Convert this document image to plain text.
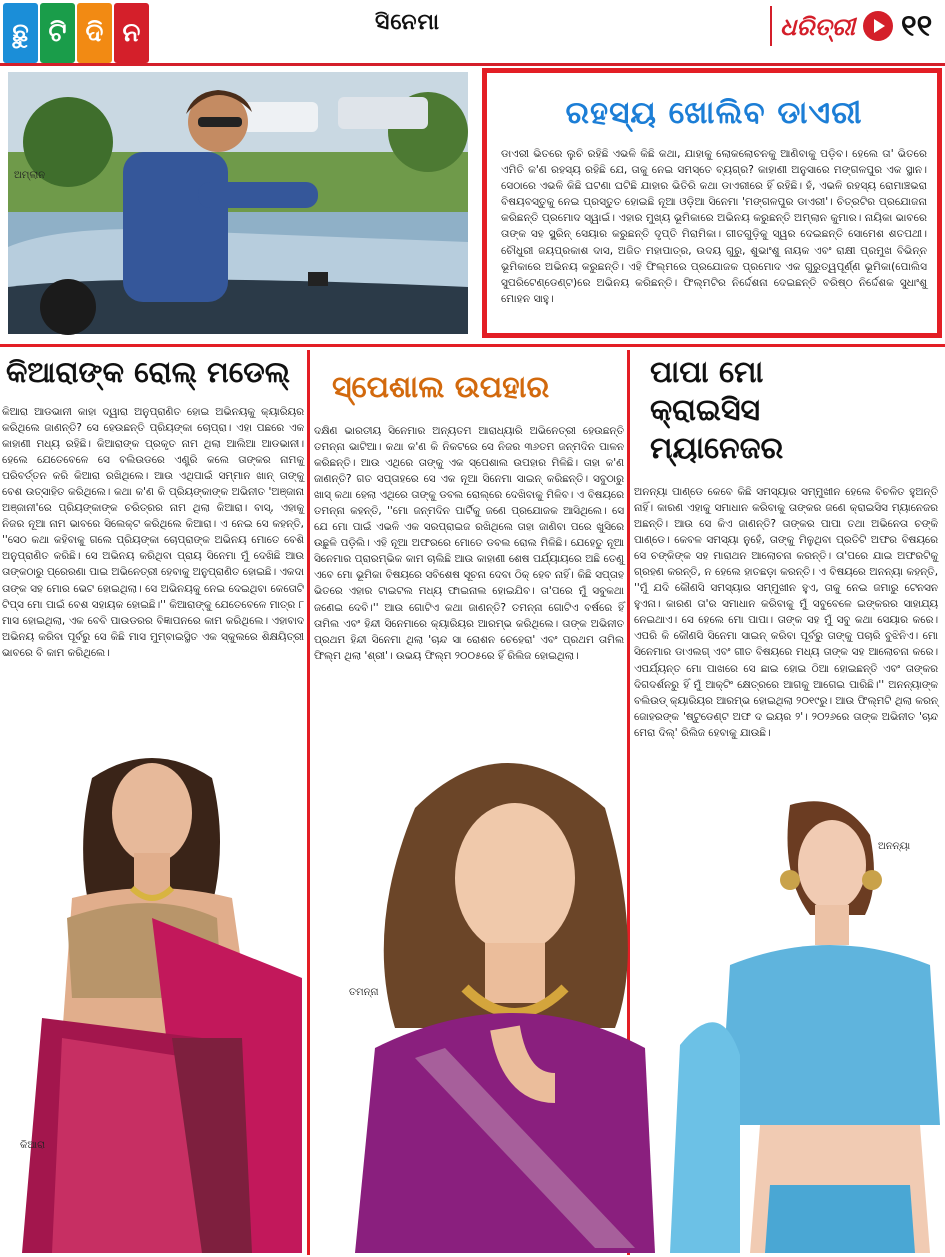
ଛୁ ଟି ଦି ନ	ସିନେମା	ଧରିତ୍ରୀ ୧୧
ଅମ୍ଲାନ
ରହସ୍ୟ ଖୋଲିବ ଡାଏରୀ

ଡାଏରୀ ଭିତରେ ଲୁଚି ରହିଛି ଏଭଳି କିଛି କଥା, ଯାହାକୁ ଲୋକଲୋଚନକୁ ଆଣିବାକୁ ପଡ଼ିବ। ହେଲେ ତା' ଭିତରେ ଏମିତି କ'ଣ ରହସ୍ୟ ରହିଛି ଯେ, ତାକୁ ନେଇ ସମସ୍ତେ ବ୍ୟଗ୍ର? କାହାଣୀ ଅନୁସାରେ ମଙ୍ଗଳପୁର ଏକ ସ୍ଥାନ। ସେଠାରେ ଏଭଳି କିଛି ଘଟଣା ଘଟିଛି ଯାହାର ଭିତିରି କଥା ଡାଏରୀରେ ହିଁ ରହିଛି। ହଁ, ଏଭଳି ରହସ୍ୟ ରୋମାଞ୍ଚଭରା ବିଷୟବସ୍ତୁକୁ ନେଇ ପ୍ରସ୍ତୁତ ହୋଇଛି ନୂଆ ଓଡ଼ିଆ ସିନେମା 'ମଙ୍ଗଳପୁର ଡାଏରୀ'। ଚିତ୍ରଟିର ପ୍ରଯୋଜନା କରିଛନ୍ତି ପ୍ରମୋଦ ସ୍ୱାଇଁ। ଏହାର ମୁଖ୍ୟ ଭୂମିକାରେ ଅଭିନୟ କରୁଛନ୍ତି ଅମ୍ଲାନ କୁମାର। ନାୟିକା ଭାବରେ ତାଙ୍କ ସହ ସ୍କ୍ରିନ୍ ସେୟାର କରୁଛନ୍ତି ଦୃପ୍ତି ମିରାମିକା। ଗୀତଗୁଡ଼ିକୁ ସ୍ୱର ଦେଇଛନ୍ତି ସୋମେଶ ଶତପଥୀ। ଚୌଧୁରୀ ଜୟପ୍ରକାଶ ଦାସ, ଅଜିତ ମହାପାତ୍ର, ଉଦୟ ଗୁରୁ, ଶୁଭାଂଶୁ ନାୟକ ଏବଂ ରାକ୍ଷୀ ପ୍ରମୁଖ ବିଭିନ୍ନ ଭୂମିକାରେ ଅଭିନୟ କରୁଛନ୍ତି। ଏହି ଫିଲ୍ମରେ ପ୍ରଯୋଜକ ପ୍ରମୋଦ ଏକ ଗୁରୁତ୍ୱପୂର୍ଣ୍ଣ ଭୂମିକା(ପୋଲିସ ସୁପରିଟେଣ୍ଡେଣ୍ଟ)ରେ ଅଭିନୟ କରିଛନ୍ତି। ଫିଲ୍ମଟିର ନିର୍ଦ୍ଦେଶନା ଦେଇଛନ୍ତି ବରିଷ୍ଠ ନିର୍ଦ୍ଦେଶକ ସୁଧାଂଶୁ ମୋହନ ସାହୁ।

କିଆରାଙ୍କ ରୋଲ୍ ମଡେଲ୍

କିଆରା ଆଡଭାନୀ କାହା ଦ୍ୱାରା ଅନୁପ୍ରାଣିତ ହୋଇ ଅଭିନୟକୁ କ୍ୟାରିୟର କରିଥିଲେ ଜାଣନ୍ତି? ସେ ହେଉଛନ୍ତି ପ୍ରିୟଙ୍କା ଚୋପ୍ରା। ଏହା ପଛରେ ଏକ କାହାଣୀ ମଧ୍ୟ ରହିଛି। କିଆରାଙ୍କ ପ୍ରକୃତ ନାମ ଥିଲା ଆଲିଆ ଆଡଭାନୀ। ହେଲେ ଯେତେବେଳେ ସେ ବଲିଉଡରେ ଏଣ୍ଟ୍ରି କଲେ ତାଙ୍କର ନାମକୁ ପରିବର୍ତ୍ତନ କରି କିଆରା ରଖିଥିଲେ। ଆଉ ଏଥିପାଇଁ ସମ୍ମାନ ଖାନ୍ ତାଙ୍କୁ ବେଶ ଉତ୍ସାହିତ କରିଥିଲେ। କଥା କ'ଣ କି ପ୍ରିୟଙ୍କାଙ୍କ ଅଭିନୀତ 'ଅଞ୍ଜାନା ଅଞ୍ଜାନୀ'ରେ ପ୍ରିୟଙ୍କାଙ୍କ ଚରିତ୍ରର ନାମ ଥିଲା କିଆରା। ବାସ୍, ଏହାକୁ ନିଜର ନୂଆ ନାମ ଭାବରେ ସିଲେକ୍ଟ କରିଥିଲେ କିଆରା। ଏ ନେଇ ସେ କହନ୍ତି, ''ସେଠ କଥା କହିବାକୁ ଗଲେ ପ୍ରିୟଙ୍କା ଚୋପ୍ରାଙ୍କ ଅଭିନୟ ମୋତେ ବେଶି ଅନୁପ୍ରାଣିତ କରିଛି। ସେ ଅଭିନୟ କରିଥିବା ପ୍ରାୟ ସିନେମା ମୁଁ ଦେଖିଛି ଆଉ ତାଙ୍କଠାରୁ ପ୍ରେରଣା ପାଇ ଅଭିନେତ୍ରୀ ହେବାକୁ ଅନୁପ୍ରାଣିତ ହୋଇଛି। ଏକଦା ତାଙ୍କ ସହ ମୋର ଭେଟ ହୋଇଥିଲା। ସେ ଅଭିନୟକୁ ନେଇ ଦେଇଥିବା କେତୋଟି ଟିପ୍ସ ମୋ ପାଇଁ ବେଶ ସହାୟକ ହୋଇଛି।'' କିଆରାଙ୍କୁ ଯେତେବେଳେ ମାତ୍ର ୮ ମାସ ହୋଇଥିଲା, ଏକ ବେବି ପାଉଡରର ବିଜ୍ଞାପନରେ କାମ କରିଥିଲେ। ଏହାବାଦ ଅଭିନୟ କରିବା ପୂର୍ବରୁ ସେ କିଛି ମାସ ମୁମ୍ବାଇସ୍ଥିତ ଏକ ସ୍କୁଲରେ ଶିକ୍ଷୟିତ୍ରୀ ଭାବରେ ବି କାମ କରିଥିଲେ।

କିଆରା
ସ୍ପେଶାଲ ଉପହାର

ଦକ୍ଷିଣ ଭାରତୀୟ ସିନେମାର ଅନ୍ୟତମ ଆରାଧ୍ୟାରି ଅଭିନେତ୍ରୀ ହେଉଛନ୍ତି ତମନ୍ନା ଭାଟିଆ। କଥା କ'ଣ କି ନିକଟରେ ସେ ନିଜର ୩୬ତମ ଜନ୍ମଦିନ ପାଳନ କରିଛନ୍ତି। ଆଉ ଏଥିରେ ତାଙ୍କୁ ଏକ ସ୍ପେଶାଲ ଉପହାର ମିଳିଛି। ତାହା କ'ଣ ଜାଣନ୍ତି? ଗତ ସପ୍ତାହରେ ସେ ଏକ ନୂଆ ସିନେମା ସାଇନ୍ କରିଛନ୍ତି। ସବୁଠାରୁ ଖାସ୍ କଥା ହେଲା ଏଥିରେ ତାଙ୍କୁ ଡବଲ ରୋଲ୍‌ରେ ଦେଖିବାକୁ ମିଳିବ। ଏ ବିଷୟରେ ତମନ୍ନା କହନ୍ତି, ''ମୋ ଜନ୍ମଦିନ ପାର୍ଟିକୁ ଜଣେ ପ୍ରଯୋଜକ ଆସିଥିଲେ। ସେ ଯେ ମୋ ପାଇଁ ଏଭଳି ଏକ ସରପ୍ରାଇଜ ରଖିଥିଲେ ତାହା ଜାଣିବା ପରେ ଖୁସିରେ ଉଛୁଳି ପଡ଼ିଲି। ଏହି ନୂଆ ଅଫରରେ ମୋତେ ଡବଲ ରୋଲ ମିଳିଛି। ଯେହେତୁ ନୂଆ ସିନେମାର ପ୍ରାରମ୍ଭିକ କାମ ଚାଲିଛି ଆଉ କାହାଣୀ ଶେଷ ପର୍ଯ୍ୟାୟରେ ଅଛି ତେଣୁ ଏବେ ମୋ ଭୂମିକା ବିଷୟରେ ସବିଶେଷ ସୂଚନା ଦେବା ଠିକ୍ ହେବ ନାହିଁ। କିଛି ସପ୍ତାହ ଭିତରେ ଏହାର ଟାଇଟଲ ମଧ୍ୟ ଫାଇନାଲ ହୋଇଯିବ। ତା'ପରେ ମୁଁ ସବୁକଥା ଜଣେଇ ଦେବି।'' ଆଉ ଗୋଟିଏ କଥା ଜାଣନ୍ତି? ତମନ୍ନା ଗୋଟିଏ ବର୍ଷରେ ହିଁ ତାମିଲ ଏବଂ ହିନ୍ଦୀ ସିନେମାରେ କ୍ୟାରିୟର ଆରମ୍ଭ କରିଥିଲେ। ତାଙ୍କ ଅଭିନୀତ ପ୍ରଥମ ହିନ୍ଦୀ ସିନେମା ଥିଲା 'ଚାନ୍ଦ ସା ରୋଶନ ଚେହେରା' ଏବଂ ପ୍ରଥମ ତାମିଲ ଫିଲ୍ମ ଥିଲା 'ଶ୍ରୀ'। ଉଭୟ ଫିଲ୍ମ ୨୦୦୫ରେ ହିଁ ରିଲିଜ ହୋଇଥିଲା।

ତମନ୍ନା
ପାପା ମୋ
କ୍ରାଇସିସ
ମ୍ୟାନେଜର

ଅନନ୍ୟା ପାଣ୍ଡେ କେବେ କିଛି ସମସ୍ୟାର ସମ୍ମୁଖୀନ ହେଲେ ବିଚଳିତ ହୁଅନ୍ତି ନାହିଁ। କାରଣ ଏହାକୁ ସମାଧାନ କରିବାକୁ ତାଙ୍କର ଜଣେ କ୍ରାଇସିସ ମ୍ୟାନେଜର ଅଛନ୍ତି। ଆଉ ସେ କିଏ ଜାଣନ୍ତି? ତାଙ୍କର ପାପା ତଥା ଅଭିନେତା ଚଙ୍କି ପାଣ୍ଡେ। କେବଳ ସମସ୍ୟା ନୁହେଁ, ତାଙ୍କୁ ମିଳୁଥିବା ପ୍ରତିଟି ଅଫର ବିଷୟରେ ସେ ଚଙ୍କିଙ୍କ ସହ ମାରାଥନ ଆଲୋଚନା କରନ୍ତି। ତା'ପରେ ଯାଇ ଅଫରଟିକୁ ଗ୍ରହଣ କରନ୍ତି, ନ ହେଲେ ହାତଛଡ଼ା କରନ୍ତି। ଏ ବିଷୟରେ ଅନନ୍ୟା କହନ୍ତି, ''ମୁଁ ଯଦି କୌଣସି ସମସ୍ୟାର ସମ୍ମୁଖୀନ ହୁଏ, ତାକୁ ନେଇ ଜମାରୁ ଟେନସନ ହୁଏନା। କାରଣ ତା'ର ସମାଧାନ କରିବାକୁ ମୁଁ ସବୁବେଳେ ଇଙ୍କରର ସାହାଯ୍ୟ ନେଇଥାଏ। ସେ ହେଲେ ମୋ ପାପା। ତାଙ୍କ ସହ ମୁଁ ସବୁ କଥା ସେୟାର କରେ। ଏପରି କି କୌଣସି ସିନେମା ସାଇନ୍ କରିବା ପୂର୍ବରୁ ତାଙ୍କୁ ପଚାରି ବୁଝିନିଏ। ମୋ ସିନେମାର ଡାଏଲଗ୍ ଏବଂ ଗୀତ ବିଷୟରେ ମଧ୍ୟ ତାଙ୍କ ସହ ଆଲୋଚନା କରେ। ଏପର୍ଯ୍ୟନ୍ତ ମୋ ପାଖରେ ସେ ଛାଇ ହୋଇ ଠିଆ ହୋଇଛନ୍ତି ଏବଂ ତାଙ୍କର ଦିଗଦର୍ଶନରୁ ହିଁ ମୁଁ ଆକ୍ଟିଂ କ୍ଷେତ୍ରରେ ଆଗକୁ ଆଗେଇ ପାରିଛି।'' ଅନନ୍ୟାଙ୍କ ବଲିଉଡ୍ କ୍ୟାରିୟର ଆରମ୍ଭ ହୋଇଥିଲା ୨୦୧୯ରୁ। ଆଉ ଫିଲ୍ମଟି ଥିଲା କରନ୍ ଜୋହରଙ୍କ 'ଷ୍ଟୁଡେଣ୍ଟ ଅଫ ଦ ଇୟର ୨'। ୨୦୨୬ରେ ତାଙ୍କ ଅଭିନୀତ 'ଚାନ୍ଦ ମେରା ଦିଲ୍' ରିଲିଜ ହେବାକୁ ଯାଉଛି।

ଅନନ୍ୟା
